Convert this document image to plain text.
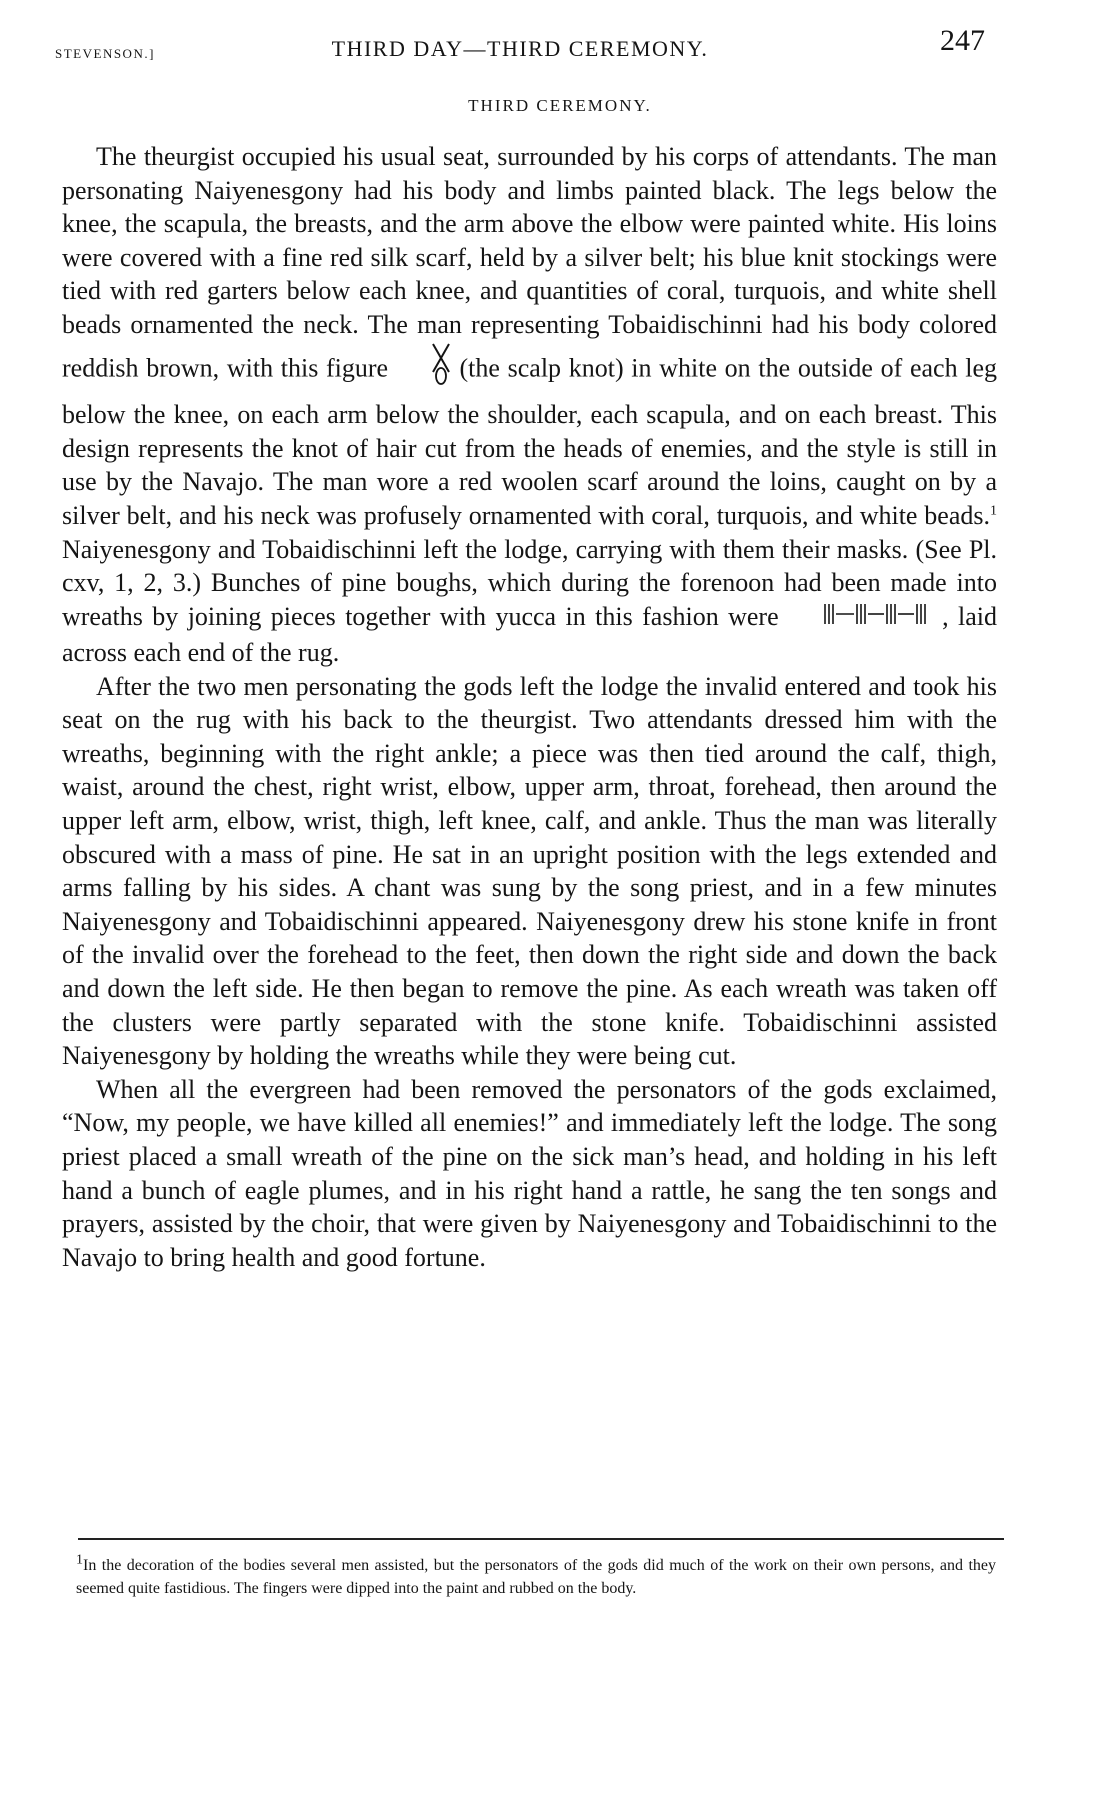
STEVENSON.]	THIRD DAY—THIRD CEREMONY.	247
THIRD CEREMONY.

The theurgist occupied his usual seat, surrounded by his corps of attendants. The man personating Naiyenesgony had his body and limbs painted black. The legs below the knee, the scapula, the breasts, and the arm above the elbow were painted white. His loins were covered with a fine red silk scarf, held by a silver belt; his blue knit stockings were tied with red garters below each knee, and quantities of coral, turquois, and white shell beads ornamented the neck. The man representing Tobaidischinni had his body colored reddish brown, with this figure	(the scalp knot) in white on the outside of each leg below the knee, on each arm below the shoulder, each scapula, and on each breast. This design represents the knot of hair cut from the heads of enemies, and the style is still in use by the Navajo. The man wore a red woolen scarf around the loins, caught on by a silver belt, and his neck was profusely ornamented with coral, turquois, and white beads.$^1$ Naiyenesgony and Tobaidischinni left the lodge, carrying with them their masks. (See Pl. cxv, 1, 2, 3.) Bunches of pine boughs, which during the forenoon had been made into wreaths by joining pieces together with yucca in this fashion were	, laid across each end of the rug.

After the two men personating the gods left the lodge the invalid entered and took his seat on the rug with his back to the theurgist. Two attendants dressed him with the wreaths, beginning with the right ankle; a piece was then tied around the calf, thigh, waist, around the chest, right wrist, elbow, upper arm, throat, forehead, then around the upper left arm, elbow, wrist, thigh, left knee, calf, and ankle. Thus the man was literally obscured with a mass of pine. He sat in an upright position with the legs extended and arms falling by his sides. A chant was sung by the song priest, and in a few minutes Naiyenesgony and Tobaidischinni appeared. Naiyenesgony drew his stone knife in front of the invalid over the forehead to the feet, then down the right side and down the back and down the left side. He then began to remove the pine. As each wreath was taken off the clusters were partly separated with the stone knife. Tobaidischinni assisted Naiyenesgony by holding the wreaths while they were being cut.

When all the evergreen had been removed the personators of the gods exclaimed, “Now, my people, we have killed all enemies!” and immediately left the lodge. The song priest placed a small wreath of the pine on the sick man’s head, and holding in his left hand a bunch of eagle plumes, and in his right hand a rattle, he sang the ten songs and prayers, assisted by the choir, that were given by Naiyenesgony and Tobaidischinni to the Navajo to bring health and good fortune.

$^1$In the decoration of the bodies several men assisted, but the personators of the gods did much of the work on their own persons, and they seemed quite fastidious. The fingers were dipped into the paint and rubbed on the body.
